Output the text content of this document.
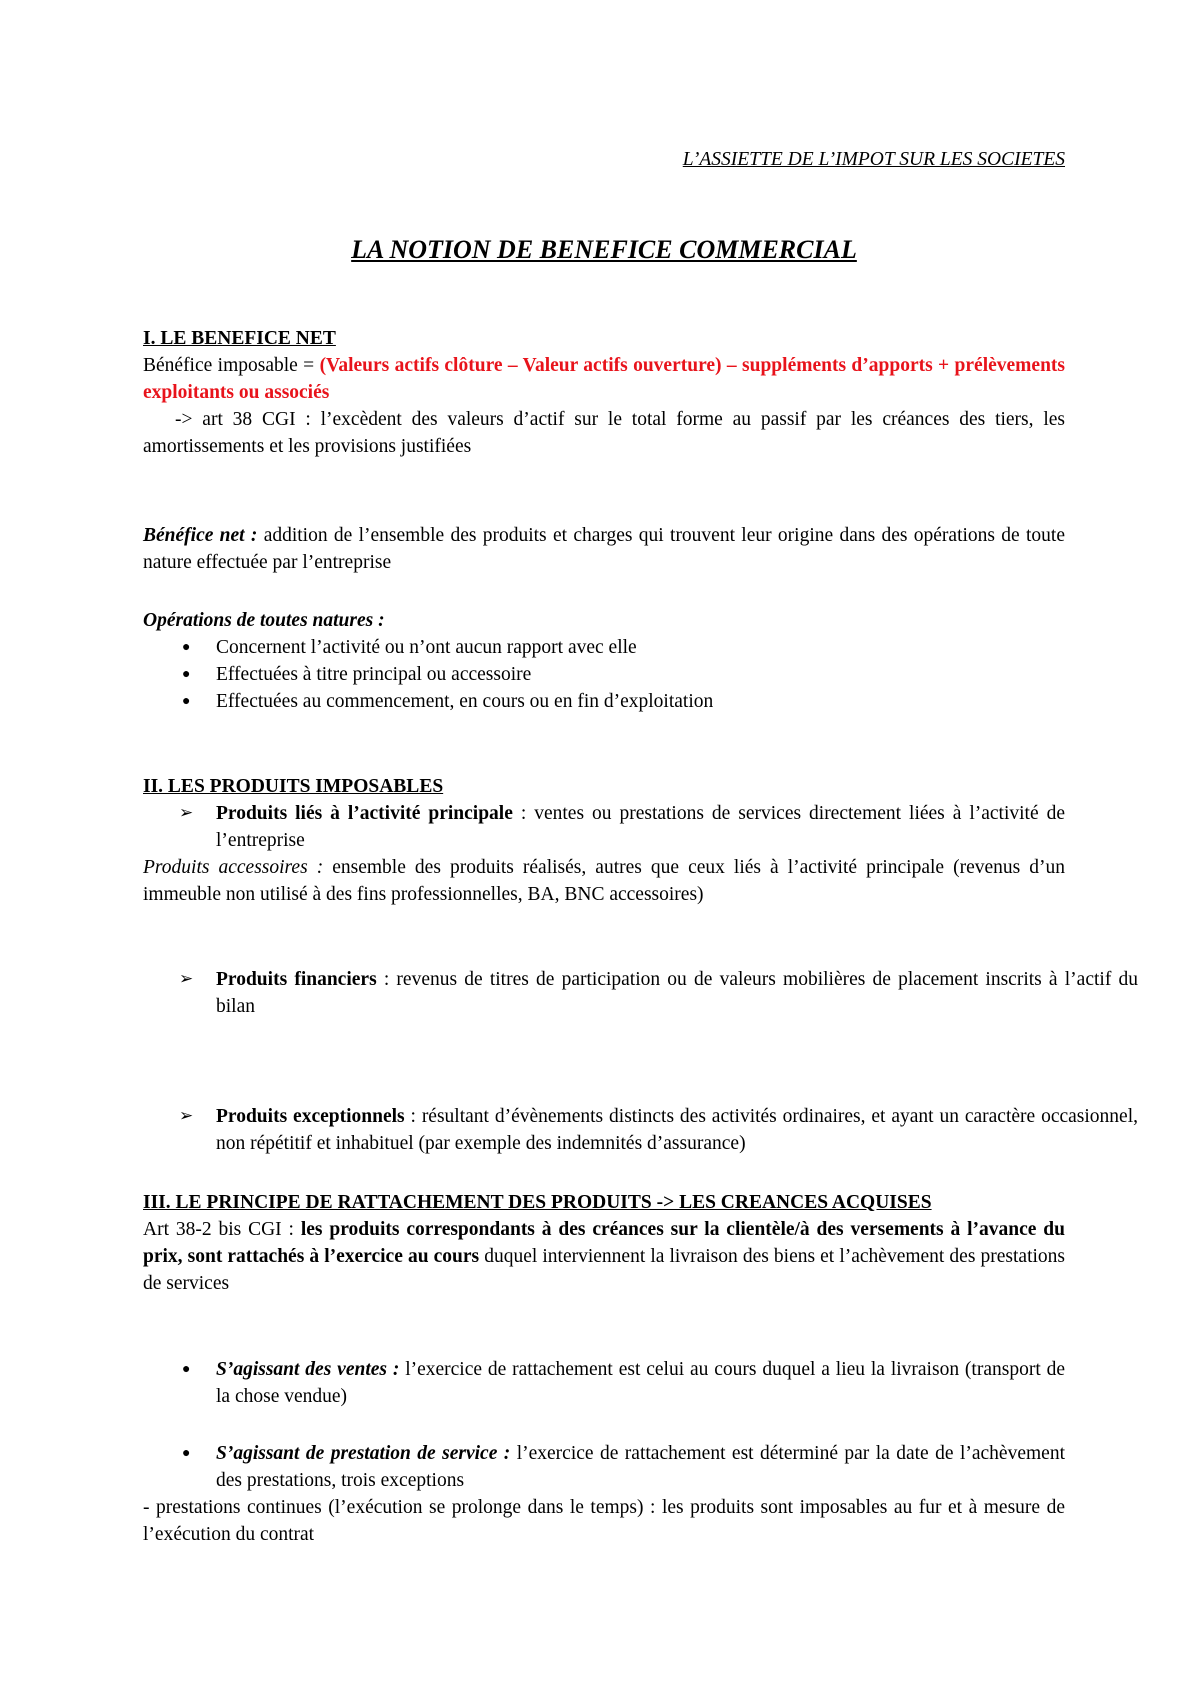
L’ASSIETTE DE L’IMPOT SUR LES SOCIETES
LA NOTION DE BENEFICE COMMERCIAL
I. LE BENEFICE NET
Bénéfice imposable = (Valeurs actifs clôture – Valeur actifs ouverture) – suppléments d’apports + prélèvements exploitants ou associés
-> art 38 CGI : l’excèdent des valeurs d’actif sur le total forme au passif par les créances des tiers, les amortissements et les provisions justifiées
Bénéfice net : addition de l’ensemble des produits et charges qui trouvent leur origine dans des opérations de toute nature effectuée par l’entreprise
Opérations de toutes natures :
● Concernent l’activité ou n’ont aucun rapport avec elle
● Effectuées à titre principal ou accessoire
● Effectuées au commencement, en cours ou en fin d’exploitation
II. LES PRODUITS IMPOSABLES
➢ Produits liés à l’activité principale : ventes ou prestations de services directement liées à l’activité de l’entreprise
Produits accessoires : ensemble des produits réalisés, autres que ceux liés à l’activité principale (revenus d’un immeuble non utilisé à des fins professionnelles, BA, BNC accessoires)
➢ Produits financiers : revenus de titres de participation ou de valeurs mobilières de placement inscrits à l’actif du bilan
➢ Produits exceptionnels : résultant d’évènements distincts des activités ordinaires, et ayant un caractère occasionnel, non répétitif et inhabituel (par exemple des indemnités d’assurance)
III. LE PRINCIPE DE RATTACHEMENT DES PRODUITS -> LES CREANCES ACQUISES
Art 38-2 bis CGI : les produits correspondants à des créances sur la clientèle/à des versements à l’avance du prix, sont rattachés à l’exercice au cours duquel interviennent la livraison des biens et l’achèvement des prestations de services
● S’agissant des ventes : l’exercice de rattachement est celui au cours duquel a lieu la livraison (transport de la chose vendue)
● S’agissant de prestation de service : l’exercice de rattachement est déterminé par la date de l’achèvement des prestations, trois exceptions
- prestations continues (l’exécution se prolonge dans le temps) : les produits sont imposables au fur et à mesure de l’exécution du contrat
